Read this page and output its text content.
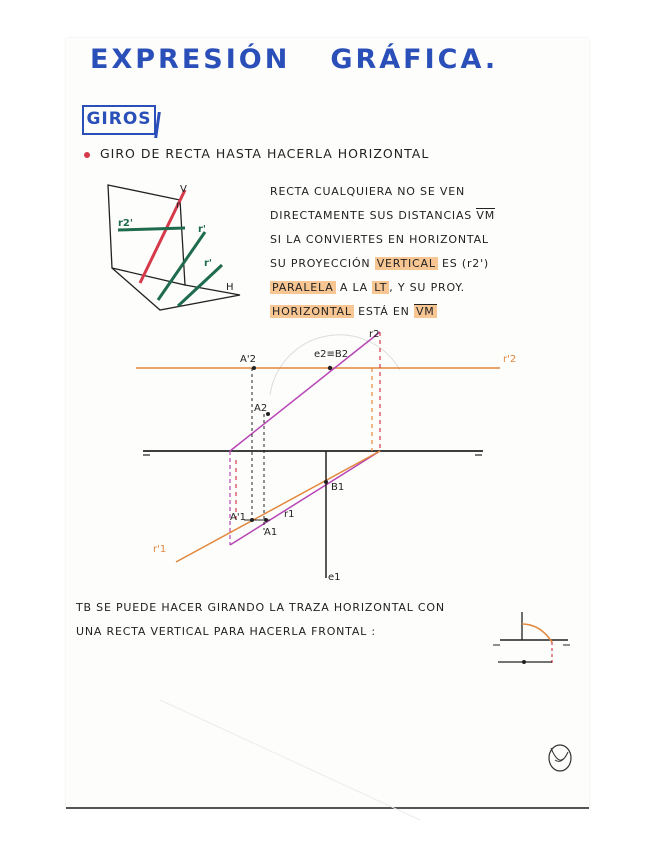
EXPRESIÓN GRÁFICA.
GIROS
GIRO DE RECTA HASTA HACERLA HORIZONTAL
RECTA CUALQUIERA NO SE VEN
DIRECTAMENTE SUS DISTANCIAS VM
SI LA CONVIERTES EN HORIZONTAL
SU PROYECCIÓN VERTICAL ES (r2')
PARALELA A LA LT , Y SU PROY.
HORIZONTAL ESTÁ EN VM
r2'
r
r'
r'
H
V
r2
e2≡B2
A'2
A2
r'2
B1
A'1	r1
A1
r'1
e1
TB SE PUEDE HACER GIRANDO LA TRAZA HORIZONTAL CON
UNA RECTA VERTICAL PARA HACERLA FRONTAL :
